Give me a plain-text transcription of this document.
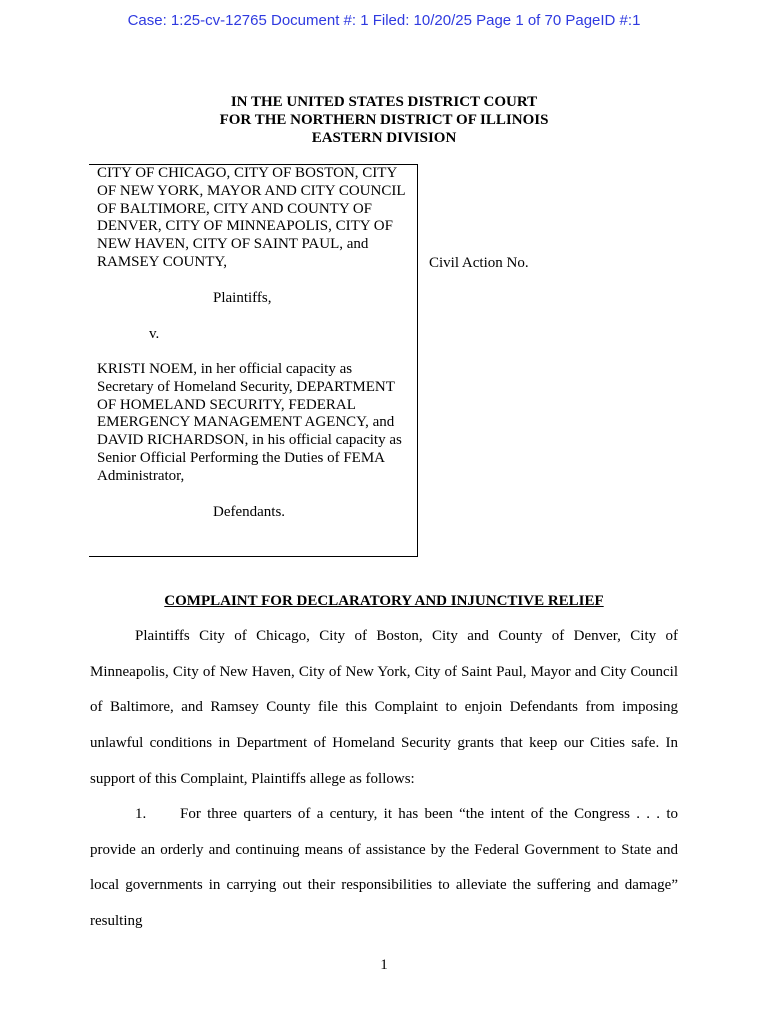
Case: 1:25-cv-12765 Document #: 1 Filed: 10/20/25 Page 1 of 70 PageID #:1
IN THE UNITED STATES DISTRICT COURT
FOR THE NORTHERN DISTRICT OF ILLINOIS
EASTERN DIVISION
CITY OF CHICAGO, CITY OF BOSTON, CITY
OF NEW YORK, MAYOR AND CITY COUNCIL
OF BALTIMORE, CITY AND COUNTY OF
DENVER, CITY OF MINNEAPOLIS, CITY OF
NEW HAVEN, CITY OF SAINT PAUL, and
RAMSEY COUNTY,
Plaintiffs,
v.
KRISTI NOEM, in her official capacity as
Secretary of Homeland Security, DEPARTMENT
OF HOMELAND SECURITY, FEDERAL
EMERGENCY MANAGEMENT AGENCY, and
DAVID RICHARDSON, in his official capacity as
Senior Official Performing the Duties of FEMA
Administrator,
Defendants.
Civil Action No.
COMPLAINT FOR DECLARATORY AND INJUNCTIVE RELIEF
Plaintiffs City of Chicago, City of Boston, City and County of Denver, City of Minneapolis, City of New Haven, City of New York, City of Saint Paul, Mayor and City Council of Baltimore, and Ramsey County file this Complaint to enjoin Defendants from imposing unlawful conditions in Department of Homeland Security grants that keep our Cities safe. In support of this Complaint, Plaintiffs allege as follows:
1. For three quarters of a century, it has been “the intent of the Congress . . . to provide an orderly and continuing means of assistance by the Federal Government to State and local governments in carrying out their responsibilities to alleviate the suffering and damage” resulting
1
